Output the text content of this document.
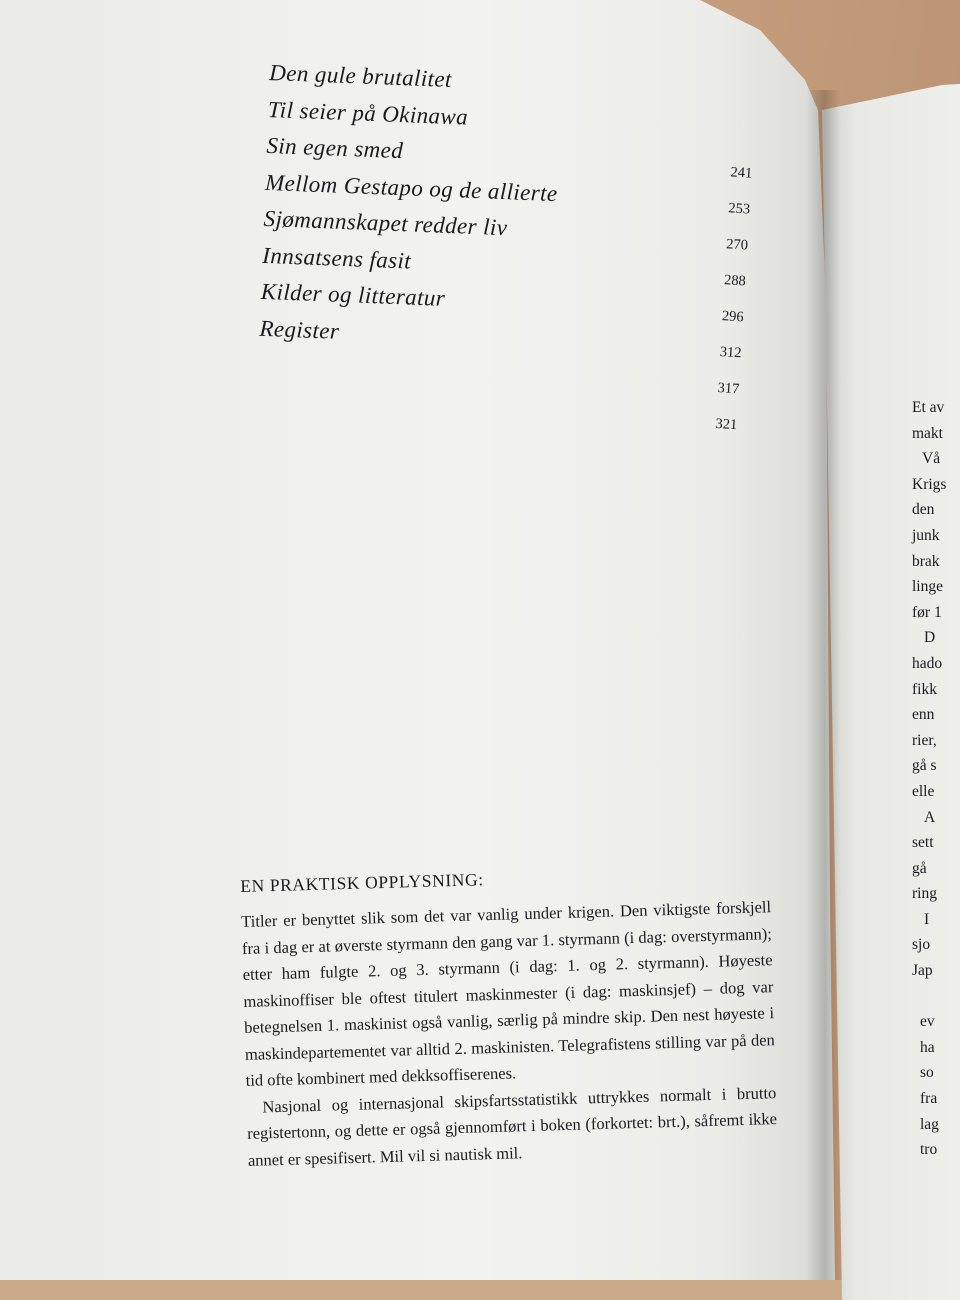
Den gule brutalitet
Til seier på Okinawa
Sin egen smed
Mellom Gestapo og de allierte
Sjømannskapet redder liv
Innsatsens fasit
Kilder og litteratur
Register
241
253
270
288
296
312
317
321
EN PRAKTISK OPPLYSNING:

Titler er benyttet slik som det var vanlig under krigen. Den viktigste forskjell fra i dag er at øverste styrmann den gang var 1. styrmann (i dag: overstyrmann); etter ham fulgte 2. og 3. styrmann (i dag: 1. og 2. styrmann). Høyeste maskinoffiser ble oftest titulert maskinmester (i dag: maskinsjef) – dog var betegnelsen 1. maskinist også vanlig, særlig på mindre skip. Den nest høyeste i maskindepartementet var alltid 2. maskinisten. Telegrafistens stilling var på den tid ofte kombinert med dekksoffiserenes.

Nasjonal og internasjonal skipsfartsstatistikk uttrykkes normalt i brutto registertonn, og dette er også gjennomført i boken (forkortet: brt.), såfremt ikke annet er spesifisert. Mil vil si nautisk mil.

Et av
makt
Vå
Krigs
den
junk
brak
linge
før 1
D
hado
fikk
enn
rier,
gå s
elle
A
sett
gå
ring
I
sjo
Jap
ev
ha
so
fra
lag
tro
